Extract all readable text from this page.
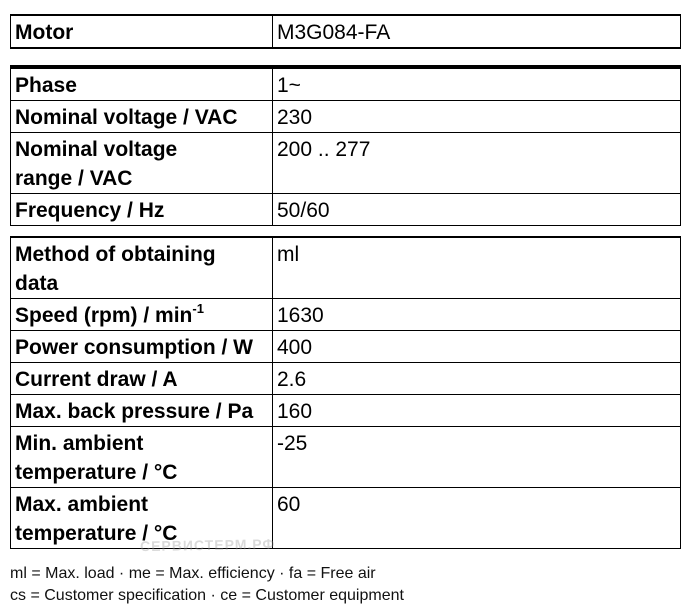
Motor	M3G084-FA
Phase	1~
Nominal voltage / VAC	230
Nominal voltage
range / VAC	200 .. 277
Frequency / Hz	50/60
Method of obtaining
data	ml
Speed $(rpm) / \min^{-1}$	1630
Power consumption / W	400
Current draw / A	2.6
Max. back pressure / Pa	160
Min. ambient
temperature / °C	-25
Max. ambient
temperature / °C	60
СЕРВИСТЕРМ.РФ
ml = Max. load · me = Max. efficiency · fa = Free air
cs = Customer specification · ce = Customer equipment
